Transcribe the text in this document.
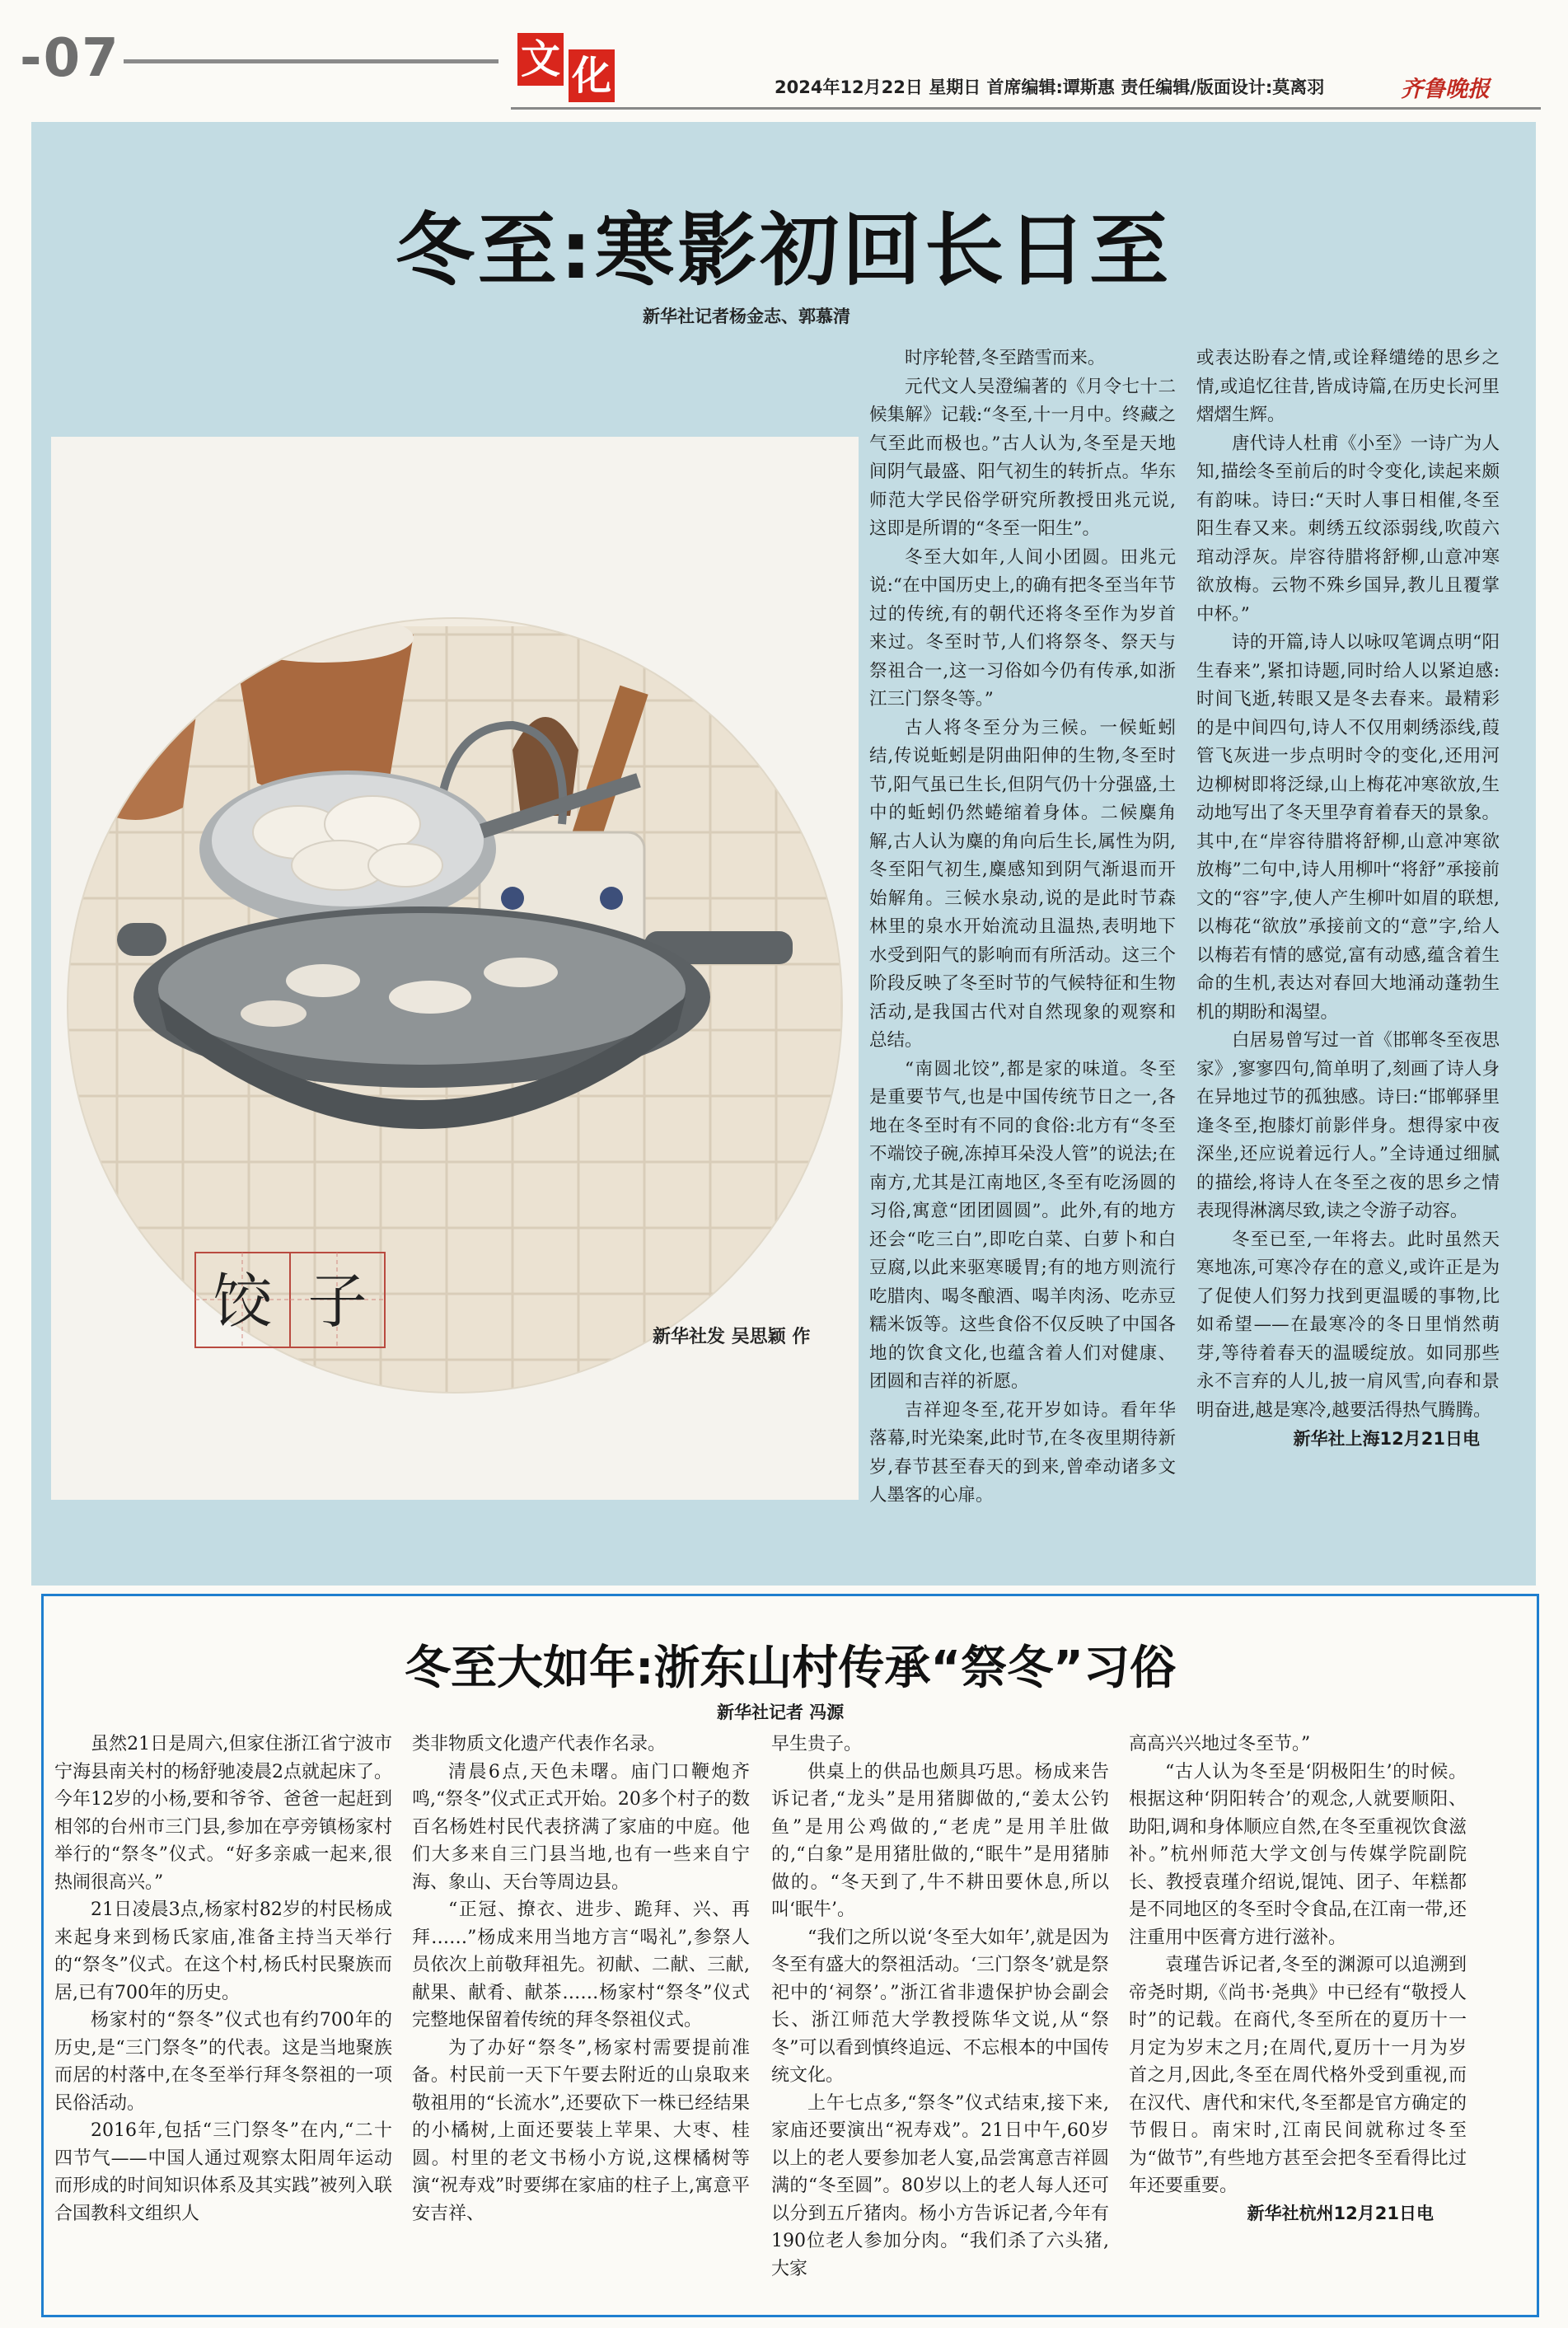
-07	文 化	2024年12月22日 星期日 首席编辑:谭斯惠 责任编辑/版面设计:莫离羽	齐鲁晚报
冬至:寒影初回长日至
新华社记者杨金志、郭慕清
饺 子
新华社发 吴思颖 作

时序轮替,冬至踏雪而来。

元代文人吴澄编著的《月令七十二候集解》记载:“冬至,十一月中。终藏之气至此而极也。”古人认为,冬至是天地间阴气最盛、阳气初生的转折点。华东师范大学民俗学研究所教授田兆元说,这即是所谓的“冬至一阳生”。

冬至大如年,人间小团圆。田兆元说:“在中国历史上,的确有把冬至当年节过的传统,有的朝代还将冬至作为岁首来过。冬至时节,人们将祭冬、祭天与祭祖合一,这一习俗如今仍有传承,如浙江三门祭冬等。”

古人将冬至分为三候。一候蚯蚓结,传说蚯蚓是阴曲阳伸的生物,冬至时节,阳气虽已生长,但阴气仍十分强盛,土中的蚯蚓仍然蜷缩着身体。二候麋角解,古人认为麋的角向后生长,属性为阴,冬至阳气初生,麋感知到阴气渐退而开始解角。三候水泉动,说的是此时节森林里的泉水开始流动且温热,表明地下水受到阳气的影响而有所活动。这三个阶段反映了冬至时节的气候特征和生物活动,是我国古代对自然现象的观察和总结。

“南圆北饺”,都是家的味道。冬至是重要节气,也是中国传统节日之一,各地在冬至时有不同的食俗:北方有“冬至不端饺子碗,冻掉耳朵没人管”的说法;在南方,尤其是江南地区,冬至有吃汤圆的习俗,寓意“团团圆圆”。此外,有的地方还会“吃三白”,即吃白菜、白萝卜和白豆腐,以此来驱寒暖胃;有的地方则流行吃腊肉、喝冬酿酒、喝羊肉汤、吃赤豆糯米饭等。这些食俗不仅反映了中国各地的饮食文化,也蕴含着人们对健康、团圆和吉祥的祈愿。

吉祥迎冬至,花开岁如诗。看年华落幕,时光染案,此时节,在冬夜里期待新岁,春节甚至春天的到来,曾牵动诸多文人墨客的心扉。

或表达盼春之情,或诠释缱绻的思乡之情,或追忆往昔,皆成诗篇,在历史长河里熠熠生辉。

唐代诗人杜甫《小至》一诗广为人知,描绘冬至前后的时令变化,读起来颇有韵味。诗曰:“天时人事日相催,冬至阳生春又来。刺绣五纹添弱线,吹葭六琯动浮灰。岸容待腊将舒柳,山意冲寒欲放梅。云物不殊乡国异,教儿且覆掌中杯。”

诗的开篇,诗人以咏叹笔调点明“阳生春来”,紧扣诗题,同时给人以紧迫感:时间飞逝,转眼又是冬去春来。最精彩的是中间四句,诗人不仅用刺绣添线,葭管飞灰进一步点明时令的变化,还用河边柳树即将泛绿,山上梅花冲寒欲放,生动地写出了冬天里孕育着春天的景象。其中,在“岸容待腊将舒柳,山意冲寒欲放梅”二句中,诗人用柳叶“将舒”承接前文的“容”字,使人产生柳叶如眉的联想,以梅花“欲放”承接前文的“意”字,给人以梅若有情的感觉,富有动感,蕴含着生命的生机,表达对春回大地涌动蓬勃生机的期盼和渴望。

白居易曾写过一首《邯郸冬至夜思家》,寥寥四句,简单明了,刻画了诗人身在异地过节的孤独感。诗曰:“邯郸驿里逢冬至,抱膝灯前影伴身。想得家中夜深坐,还应说着远行人。”全诗通过细腻的描绘,将诗人在冬至之夜的思乡之情表现得淋漓尽致,读之令游子动容。

冬至已至,一年将去。此时虽然天寒地冻,可寒冷存在的意义,或许正是为了促使人们努力找到更温暖的事物,比如希望——在最寒冷的冬日里悄然萌芽,等待着春天的温暖绽放。如同那些永不言弃的人儿,披一肩风雪,向春和景明奋进,越是寒冷,越要活得热气腾腾。

新华社上海12月21日电

冬至大如年:浙东山村传承“祭冬”习俗
新华社记者 冯源

虽然21日是周六,但家住浙江省宁波市宁海县南关村的杨舒驰凌晨2点就起床了。今年12岁的小杨,要和爷爷、爸爸一起赶到相邻的台州市三门县,参加在亭旁镇杨家村举行的“祭冬”仪式。“好多亲戚一起来,很热闹很高兴。”

21日凌晨3点,杨家村82岁的村民杨成来起身来到杨氏家庙,准备主持当天举行的“祭冬”仪式。在这个村,杨氏村民聚族而居,已有700年的历史。

杨家村的“祭冬”仪式也有约700年的历史,是“三门祭冬”的代表。这是当地聚族而居的村落中,在冬至举行拜冬祭祖的一项民俗活动。

2016年,包括“三门祭冬”在内,“二十四节气——中国人通过观察太阳周年运动而形成的时间知识体系及其实践”被列入联合国教科文组织人

类非物质文化遗产代表作名录。

清晨6点,天色未曙。庙门口鞭炮齐鸣,“祭冬”仪式正式开始。20多个村子的数百名杨姓村民代表挤满了家庙的中庭。他们大多来自三门县当地,也有一些来自宁海、象山、天台等周边县。

“正冠、撩衣、进步、跪拜、兴、再拜……”杨成来用当地方言“喝礼”,参祭人员依次上前敬拜祖先。初献、二献、三献,献果、献肴、献茶……杨家村“祭冬”仪式完整地保留着传统的拜冬祭祖仪式。

为了办好“祭冬”,杨家村需要提前准备。村民前一天下午要去附近的山泉取来敬祖用的“长流水”,还要砍下一株已经结果的小橘树,上面还要装上苹果、大枣、桂圆。村里的老文书杨小方说,这棵橘树等演“祝寿戏”时要绑在家庙的柱子上,寓意平安吉祥、

早生贵子。

供桌上的供品也颇具巧思。杨成来告诉记者,“龙头”是用猪脚做的,“姜太公钓鱼”是用公鸡做的,“老虎”是用羊肚做的,“白象”是用猪肚做的,“眠牛”是用猪肺做的。“冬天到了,牛不耕田要休息,所以叫‘眠牛’。

“我们之所以说‘冬至大如年’,就是因为冬至有盛大的祭祖活动。‘三门祭冬’就是祭祀中的‘祠祭’。”浙江省非遗保护协会副会长、浙江师范大学教授陈华文说,从“祭冬”可以看到慎终追远、不忘根本的中国传统文化。

上午七点多,“祭冬”仪式结束,接下来,家庙还要演出“祝寿戏”。21日中午,60岁以上的老人要参加老人宴,品尝寓意吉祥圆满的“冬至圆”。80岁以上的老人每人还可以分到五斤猪肉。杨小方告诉记者,今年有190位老人参加分肉。“我们杀了六头猪,大家

高高兴兴地过冬至节。”

“古人认为冬至是‘阴极阳生’的时候。根据这种‘阴阳转合’的观念,人就要顺阳、助阳,调和身体顺应自然,在冬至重视饮食滋补。”杭州师范大学文创与传媒学院副院长、教授袁瑾介绍说,馄饨、团子、年糕都是不同地区的冬至时令食品,在江南一带,还注重用中医膏方进行滋补。

袁瑾告诉记者,冬至的渊源可以追溯到帝尧时期,《尚书·尧典》中已经有“敬授人时”的记载。在商代,冬至所在的夏历十一月定为岁末之月;在周代,夏历十一月为岁首之月,因此,冬至在周代格外受到重视,而在汉代、唐代和宋代,冬至都是官方确定的节假日。南宋时,江南民间就称过冬至为“做节”,有些地方甚至会把冬至看得比过年还要重要。

新华社杭州12月21日电
